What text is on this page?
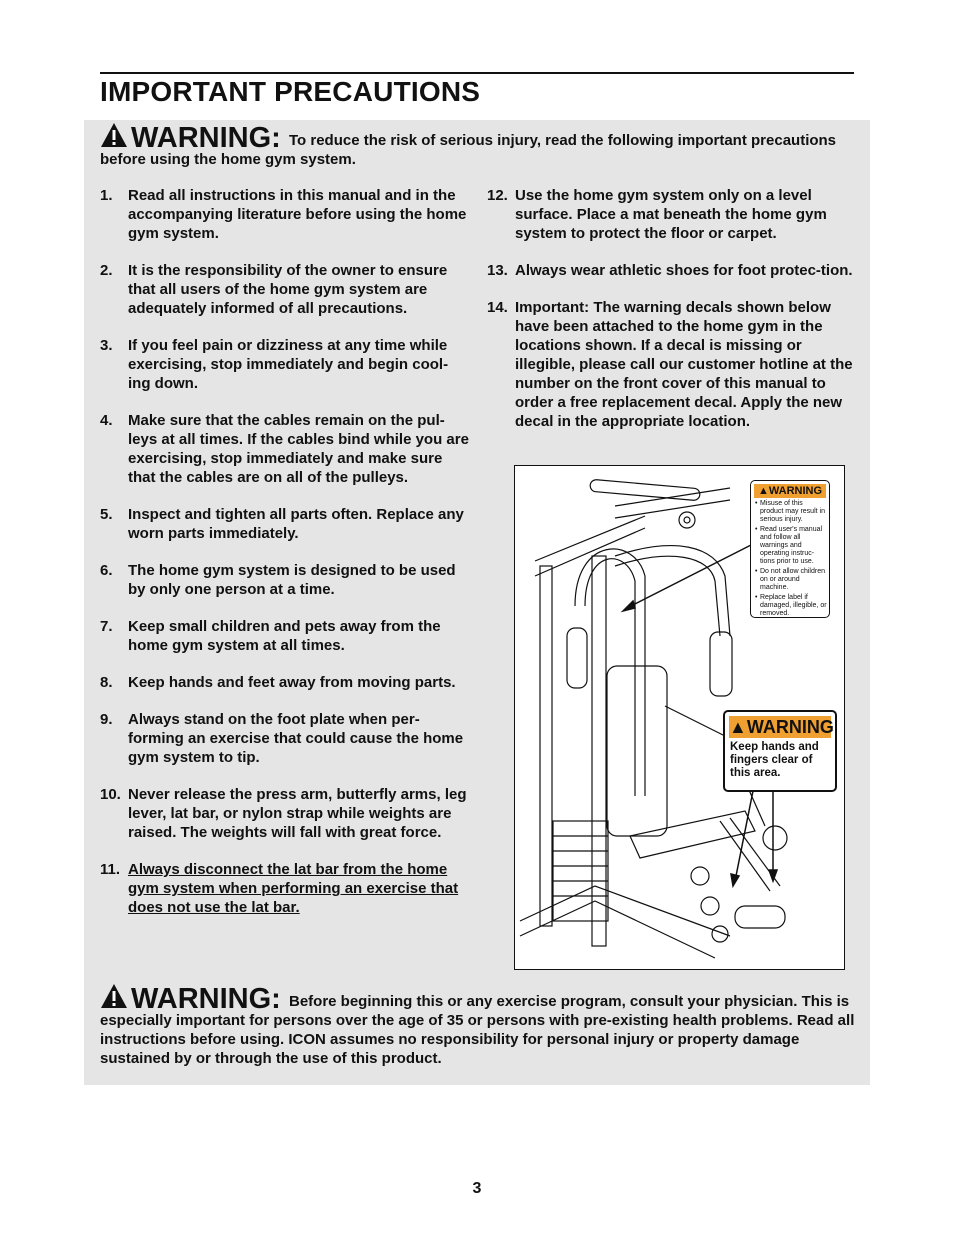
IMPORTANT PRECAUTIONS
WARNING: To reduce the risk of serious injury, read the following important precautions before using the home gym system.
1. Read all instructions in this manual and in the accompanying literature before using the home gym system.
2. It is the responsibility of the owner to ensure that all users of the home gym system are adequately informed of all precautions.
3. If you feel pain or dizziness at any time while exercising, stop immediately and begin cool-ing down.
4. Make sure that the cables remain on the pul-leys at all times. If the cables bind while you are exercising, stop immediately and make sure that the cables are on all of the pulleys.
5. Inspect and tighten all parts often. Replace any worn parts immediately.
6. The home gym system is designed to be used by only one person at a time.
7. Keep small children and pets away from the home gym system at all times.
8. Keep hands and feet away from moving parts.
9. Always stand on the foot plate when per-forming an exercise that could cause the home gym system to tip.
10. Never release the press arm, butterfly arms, leg lever, lat bar, or nylon strap while weights are raised. The weights will fall with great force.
11. Always disconnect the lat bar from the home gym system when performing an exercise that does not use the lat bar.
12. Use the home gym system only on a level surface. Place a mat beneath the home gym system to protect the floor or carpet.
13. Always wear athletic shoes for foot protec-tion.
14. Important: The warning decals shown below have been attached to the home gym in the locations shown. If a decal is missing or illegible, please call our customer hotline at the number on the front cover of this manual to order a free replacement decal. Apply the new decal in the appropriate location.
▲WARNING
• Misuse of this product may result in serious injury.
• Read user's manual and follow all warnings and operating instruc-tions prior to use.
• Do not allow children on or around machine.
• Replace label if damaged, illegible, or removed.
▲WARNING
Keep hands and fingers clear of this area.
WARNING: Before beginning this or any exercise program, consult your physician. This is especially important for persons over the age of 35 or persons with pre-existing health problems. Read all instructions before using. ICON assumes no responsibility for personal injury or property damage sustained by or through the use of this product.
3
